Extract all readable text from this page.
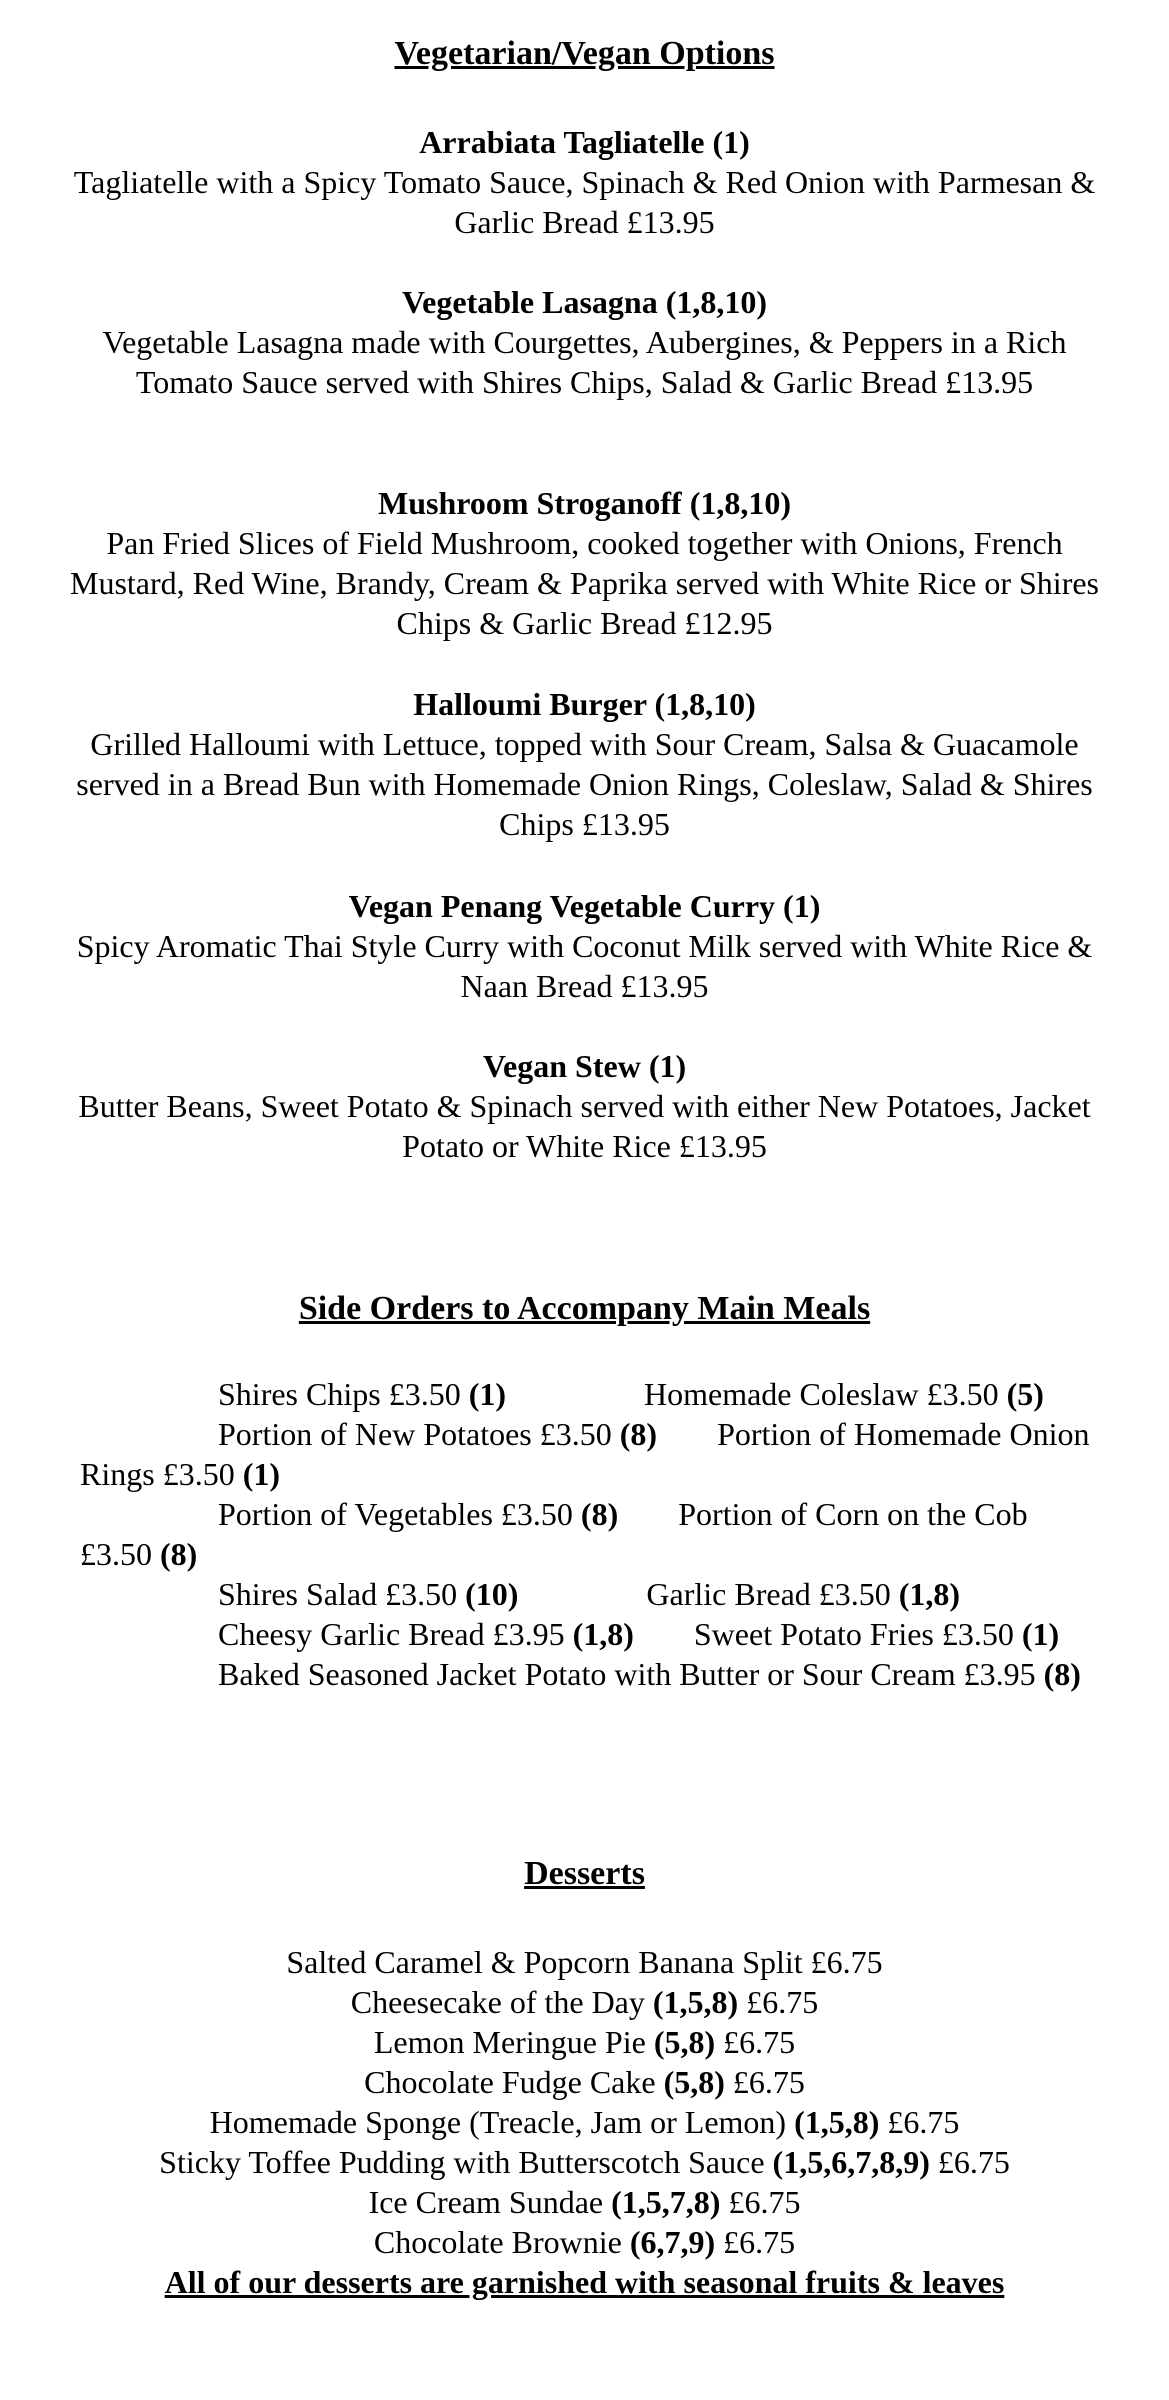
Vegetarian/Vegan Options
Arrabiata Tagliatelle (1)
Tagliatelle with a Spicy Tomato Sauce, Spinach & Red Onion with Parmesan & Garlic Bread £13.95
Vegetable Lasagna (1,8,10)
Vegetable Lasagna made with Courgettes, Aubergines, & Peppers in a Rich Tomato Sauce served with Shires Chips, Salad & Garlic Bread £13.95
Mushroom Stroganoff (1,8,10)
Pan Fried Slices of Field Mushroom, cooked together with Onions, French Mustard, Red Wine, Brandy, Cream & Paprika served with White Rice or Shires Chips & Garlic Bread £12.95
Halloumi Burger (1,8,10)
Grilled Halloumi with Lettuce, topped with Sour Cream, Salsa & Guacamole served in a Bread Bun with Homemade Onion Rings, Coleslaw, Salad & Shires Chips £13.95
Vegan Penang Vegetable Curry (1)
Spicy Aromatic Thai Style Curry with Coconut Milk served with White Rice & Naan Bread £13.95
Vegan Stew (1)
Butter Beans, Sweet Potato & Spinach served with either New Potatoes, Jacket Potato or White Rice £13.95
Side Orders to Accompany Main Meals

Shires Chips £3.50 (1)	Homemade Coleslaw £3.50 (5)

Portion of New Potatoes £3.50 (8) Portion of Homemade Onion Rings £3.50 (1)

Portion of Vegetables £3.50 (8) Portion of Corn on the Cob £3.50 (8)

Shires Salad £3.50 (10)	Garlic Bread £3.50 (1,8)

Cheesy Garlic Bread £3.95 (1,8) Sweet Potato Fries £3.50 (1)

Baked Seasoned Jacket Potato with Butter or Sour Cream £3.95 (8)

Desserts
Salted Caramel & Popcorn Banana Split £6.75
Cheesecake of the Day (1,5,8) £6.75
Lemon Meringue Pie (5,8) £6.75
Chocolate Fudge Cake (5,8) £6.75
Homemade Sponge (Treacle, Jam or Lemon) (1,5,8) £6.75
Sticky Toffee Pudding with Butterscotch Sauce (1,5,6,7,8,9) £6.75
Ice Cream Sundae (1,5,7,8) £6.75
Chocolate Brownie (6,7,9) £6.75
All of our desserts are garnished with seasonal fruits & leaves
